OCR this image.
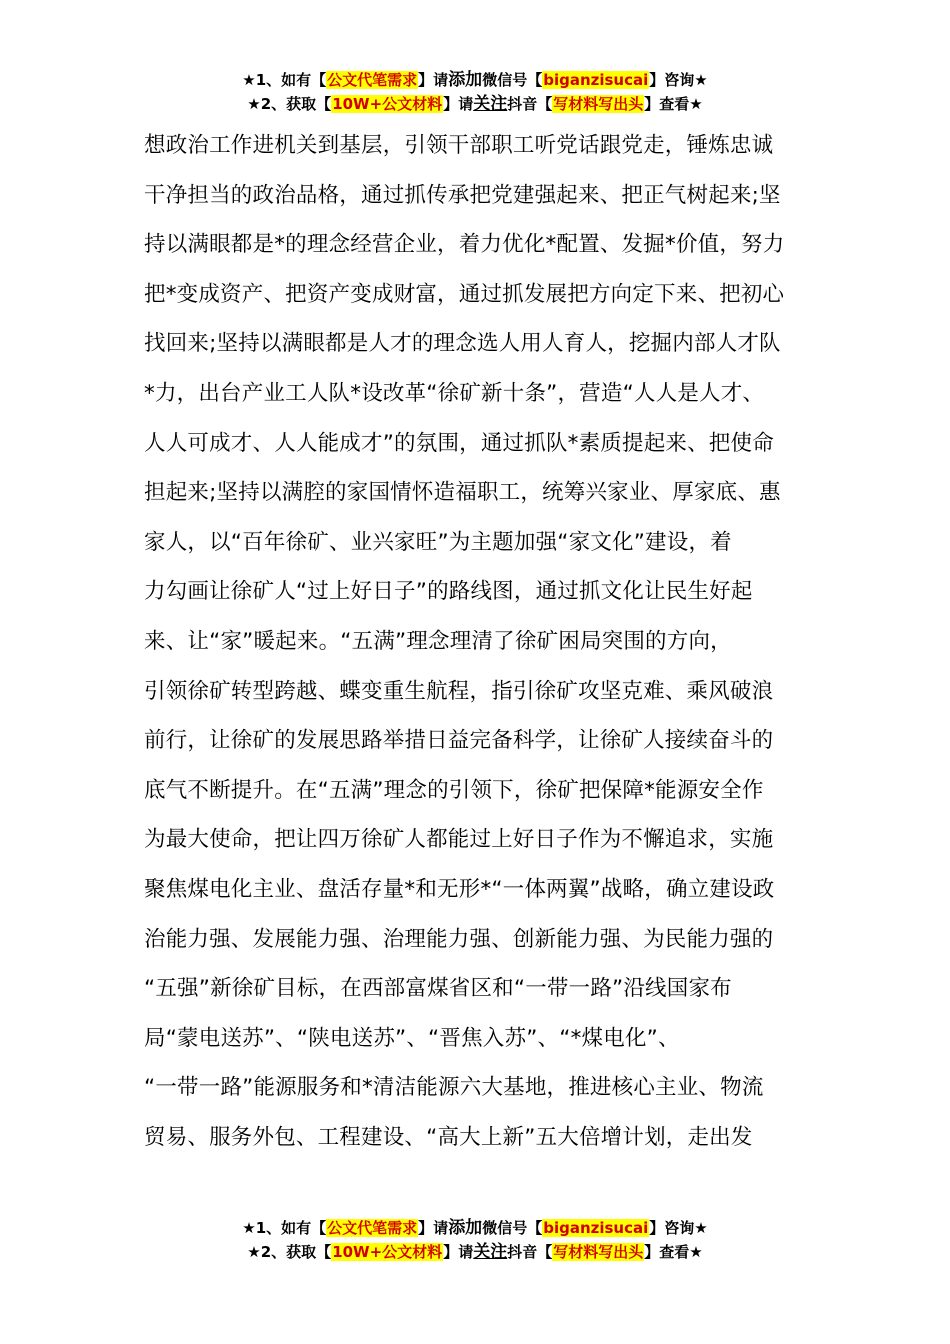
★1、如有【公文代笔需求】请添加微信号【biganzisucai】咨询★
★2、获取【10W+公文材料】请关注抖音【写材料写出头】查看★
想政治工作进机关到基层，引领干部职工听党话跟党走，锤炼忠诚
干净担当的政治品格，通过抓传承把党建强起来、把正气树起来;坚
持以满眼都是*的理念经营企业，着力优化*配置、发掘*价值，努力
把*变成资产、把资产变成财富，通过抓发展把方向定下来、把初心
找回来;坚持以满眼都是人才的理念选人用人育人，挖掘内部人才队
*力，出台产业工人队*设改革“徐矿新十条”，营造“人人是人才、
人人可成才、人人能成才”的氛围，通过抓队*素质提起来、把使命
担起来;坚持以满腔的家国情怀造福职工，统筹兴家业、厚家底、惠
家人，以“百年徐矿、业兴家旺”为主题加强“家文化”建设，着
力勾画让徐矿人“过上好日子”的路线图，通过抓文化让民生好起
来、让“家”暖起来。“五满”理念理清了徐矿困局突围的方向，
引领徐矿转型跨越、蝶变重生航程，指引徐矿攻坚克难、乘风破浪
前行，让徐矿的发展思路举措日益完备科学，让徐矿人接续奋斗的
底气不断提升。在“五满”理念的引领下，徐矿把保障*能源安全作
为最大使命，把让四万徐矿人都能过上好日子作为不懈追求，实施
聚焦煤电化主业、盘活存量*和无形*“一体两翼”战略，确立建设政
治能力强、发展能力强、治理能力强、创新能力强、为民能力强的
“五强”新徐矿目标，在西部富煤省区和“一带一路”沿线国家布
局“蒙电送苏”、“陕电送苏”、“晋焦入苏”、“*煤电化”、
“一带一路”能源服务和*清洁能源六大基地，推进核心主业、物流
贸易、服务外包、工程建设、“高大上新”五大倍增计划，走出发
★1、如有【公文代笔需求】请添加微信号【biganzisucai】咨询★
★2、获取【10W+公文材料】请关注抖音【写材料写出头】查看★
